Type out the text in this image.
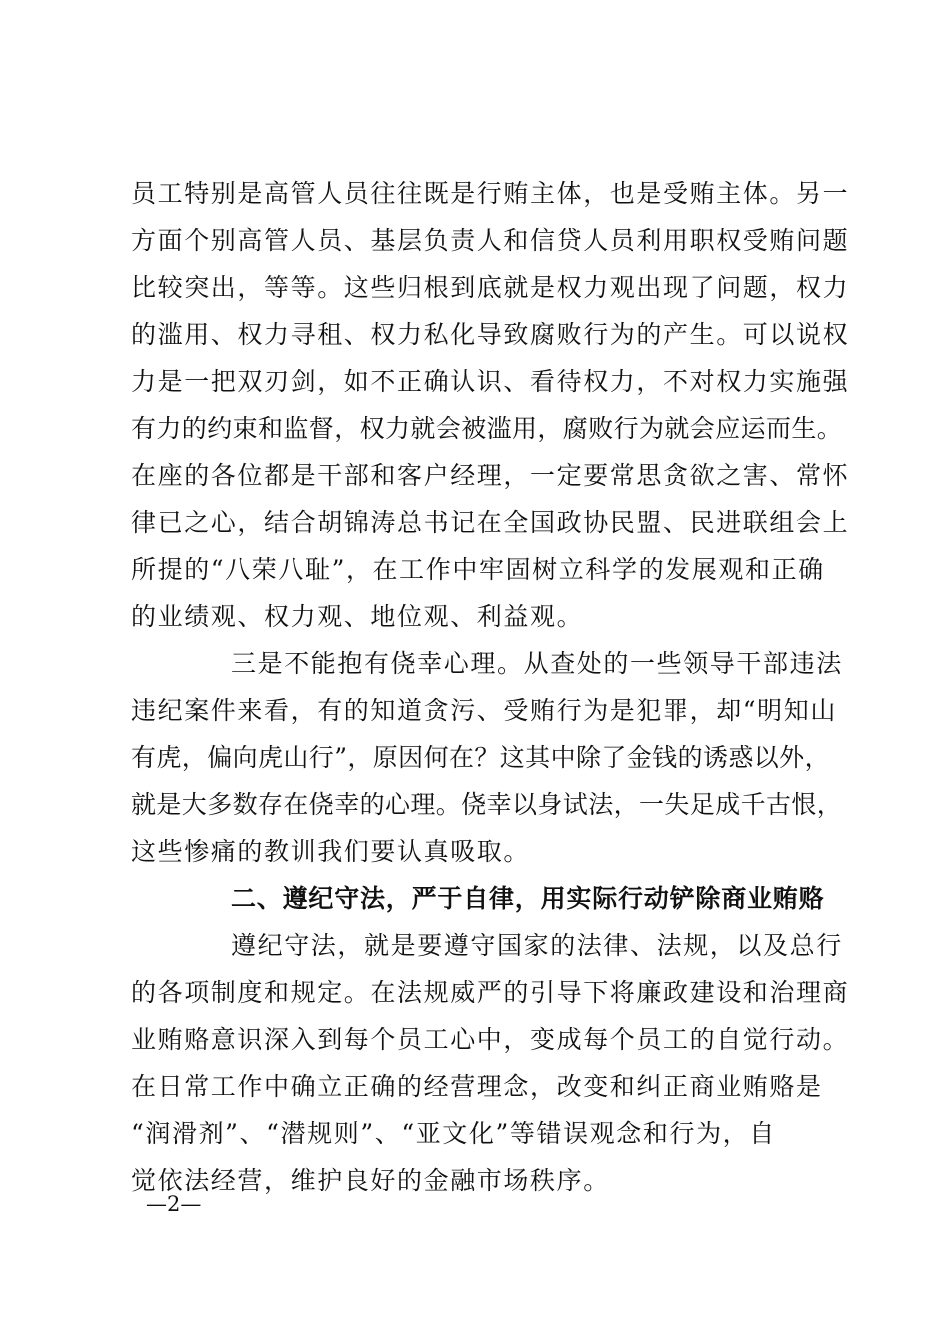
员工特别是高管人员往往既是行贿主体，也是受贿主体。另一
方面个别高管人员、基层负责人和信贷人员利用职权受贿问题
比较突出，等等。这些归根到底就是权力观出现了问题，权力
的滥用、权力寻租、权力私化导致腐败行为的产生。可以说权
力是一把双刃剑，如不正确认识、看待权力，不对权力实施强
有力的约束和监督，权力就会被滥用，腐败行为就会应运而生。
在座的各位都是干部和客户经理，一定要常思贪欲之害、常怀
律已之心，结合胡锦涛总书记在全国政协民盟、民进联组会上
所提的“八荣八耻”，在工作中牢固树立科学的发展观和正确
的业绩观、权力观、地位观、利益观。
三是不能抱有侥幸心理。从查处的一些领导干部违法
违纪案件来看，有的知道贪污、受贿行为是犯罪，却“明知山
有虎，偏向虎山行”，原因何在？这其中除了金钱的诱惑以外，
就是大多数存在侥幸的心理。侥幸以身试法，一失足成千古恨，
这些惨痛的教训我们要认真吸取。
二、遵纪守法，严于自律，用实际行动铲除商业贿赂
遵纪守法，就是要遵守国家的法律、法规，以及总行
的各项制度和规定。在法规威严的引导下将廉政建设和治理商
业贿赂意识深入到每个员工心中，变成每个员工的自觉行动。
在日常工作中确立正确的经营理念，改变和纠正商业贿赂是
“润滑剂”、“潜规则”、“亚文化”等错误观念和行为，自
觉依法经营，维护良好的金融市场秩序。
—2—
